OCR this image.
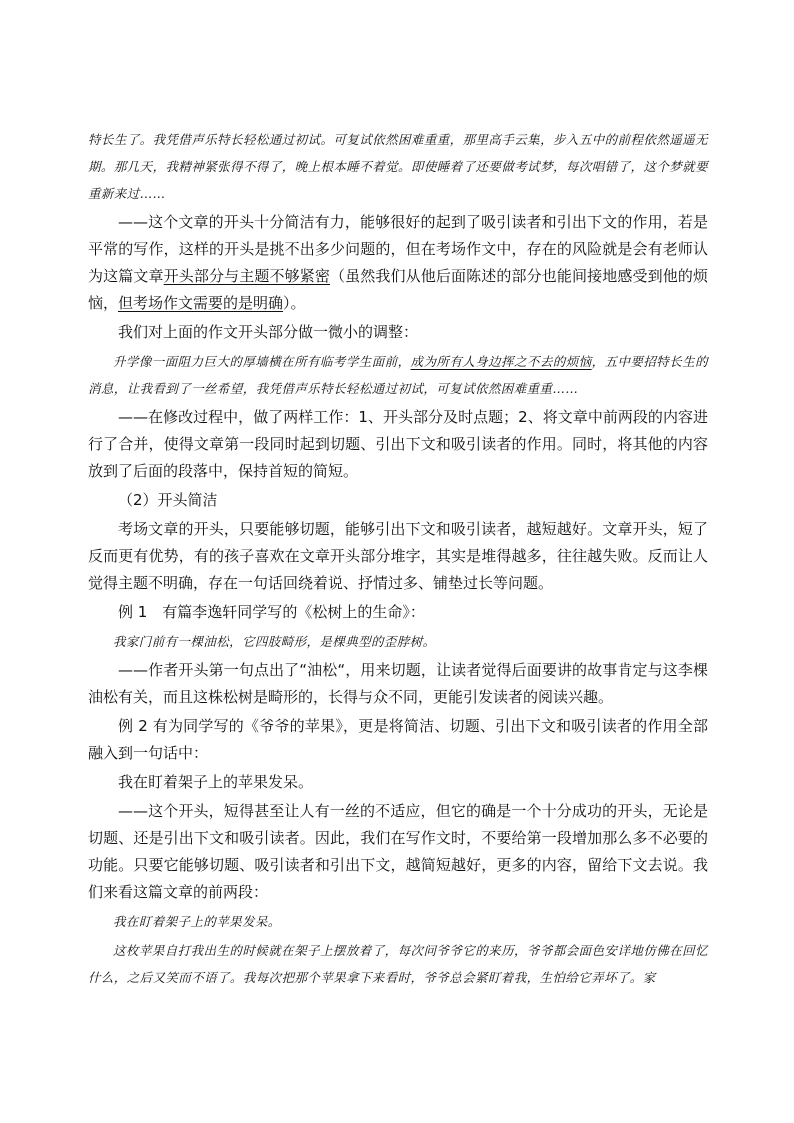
特长生了。我凭借声乐特长轻松通过初试。可复试依然困难重重，那里高手云集，步入五中的前程依然遥遥无期。那几天，我精神紧张得不得了，晚上根本睡不着觉。即使睡着了还要做考试梦，每次唱错了，这个梦就要重新来过……

——这个文章的开头十分简洁有力，能够很好的起到了吸引读者和引出下文的作用，若是平常的写作，这样的开头是挑不出多少问题的，但在考场作文中，存在的风险就是会有老师认为这篇文章开头部分与主题不够紧密（虽然我们从他后面陈述的部分也能间接地感受到他的烦恼，但考场作文需要的是明确）。

我们对上面的作文开头部分做一微小的调整：

升学像一面阻力巨大的厚墙横在所有临考学生面前，成为所有人身边挥之不去的烦恼，五中要招特长生的消息，让我看到了一丝希望，我凭借声乐特长轻松通过初试，可复试依然困难重重……

——在修改过程中，做了两样工作：1、开头部分及时点题；2、将文章中前两段的内容进行了合并，使得文章第一段同时起到切题、引出下文和吸引读者的作用。同时，将其他的内容放到了后面的段落中，保持首短的简短。

（2）开头简洁

考场文章的开头，只要能够切题，能够引出下文和吸引读者，越短越好。文章开头，短了反而更有优势，有的孩子喜欢在文章开头部分堆字，其实是堆得越多，往往越失败。反而让人觉得主题不明确，存在一句话回绕着说、抒情过多、铺垫过长等问题。

例 1　有篇李逸轩同学写的《松树上的生命》：

我家门前有一棵油松，它四肢畸形，是棵典型的歪脖树。

——作者开头第一句点出了“油松“，用来切题，让读者觉得后面要讲的故事肯定与这李棵油松有关，而且这株松树是畸形的，长得与众不同，更能引发读者的阅读兴趣。

例 2 有为同学写的《爷爷的苹果》，更是将简洁、切题、引出下文和吸引读者的作用全部融入到一句话中：

我在盯着架子上的苹果发呆。

——这个开头，短得甚至让人有一丝的不适应，但它的确是一个十分成功的开头，无论是切题、还是引出下文和吸引读者。因此，我们在写作文时，不要给第一段增加那么多不必要的功能。只要它能够切题、吸引读者和引出下文，越简短越好，更多的内容，留给下文去说。我们来看这篇文章的前两段：

我在盯着架子上的苹果发呆。

这枚苹果自打我出生的时候就在架子上摆放着了，每次问爷爷它的来历，爷爷都会面色安详地仿佛在回忆什么，之后又笑而不语了。我每次把那个苹果拿下来看时，爷爷总会紧盯着我，生怕给它弄坏了。家
